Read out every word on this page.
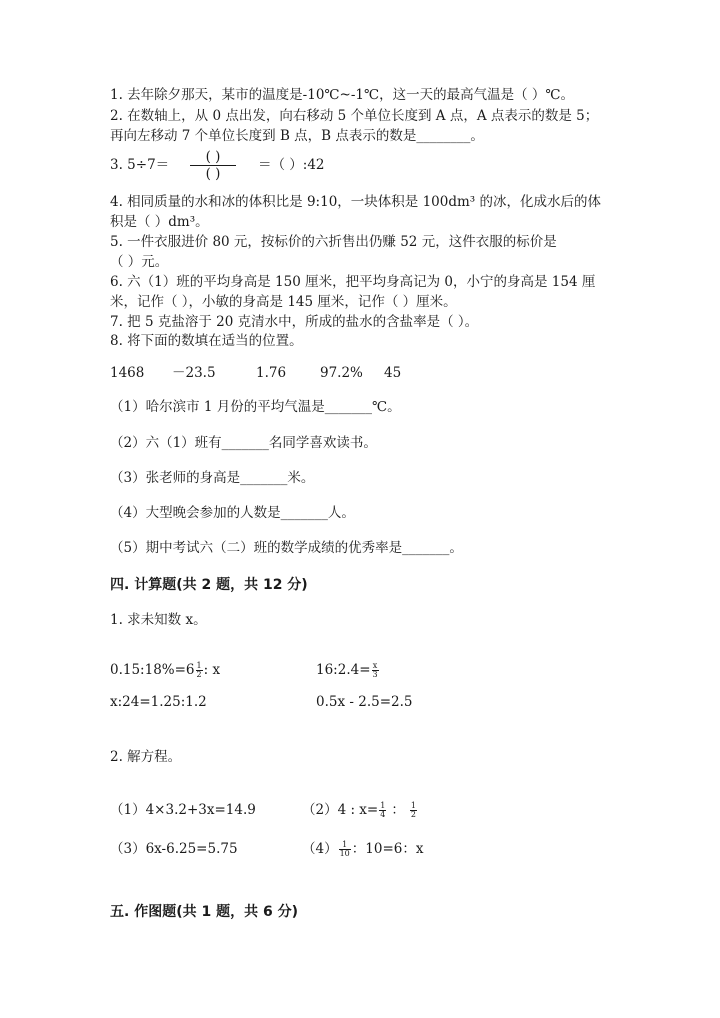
1. 去年除夕那天，某市的温度是-10℃~-1℃，这一天的最高气温是（ ）℃。
2. 在数轴上，从 0 点出发，向右移动 5 个单位长度到 A 点，A 点表示的数是 5；
再向左移动 7 个单位长度到 B 点，B 点表示的数是________。
3. 5÷7＝	( )
( )
＝（ ）:42
4. 相同质量的水和冰的体积比是 9:10，一块体积是 100dm³ 的冰，化成水后的体
积是（ ）dm³。
5. 一件衣服进价 80 元，按标价的六折售出仍赚 52 元，这件衣服的标价是
（ ）元。
6. 六（1）班的平均身高是 150 厘米，把平均身高记为 0，小宁的身高是 154 厘
米，记作（ ），小敏的身高是 145 厘米，记作（ ）厘米。
7. 把 5 克盐溶于 20 克清水中，所成的盐水的含盐率是（ ）。
8. 将下面的数填在适当的位置。
1468 －23.5	1.76	97.2% 45
（1）哈尔滨市 1 月份的平均气温是_______℃。
（2）六（1）班有_______名同学喜欢读书。
（3）张老师的身高是_______米。
（4）大型晚会参加的人数是_______人。
（5）期中考试六（二）班的数学成绩的优秀率是_______。
四. 计算题(共 2 题，共 12 分)
1. 求未知数 x。
0.15:18%=6 $\frac{1}{2}$ : x	16:2.4= $\frac{x}{3}$
x:24=1.25:1.2	0.5x - 2.5=2.5
2. 解方程。
（1）4×3.2+3x=14.9	（2）4 : $x= \frac{1}{4}$ ： $\frac{1}{2}$
（3）6x-6.25=5.75	$(4) \frac{1}{10}$ ：10=6：x
五. 作图题(共 1 题，共 6 分)
